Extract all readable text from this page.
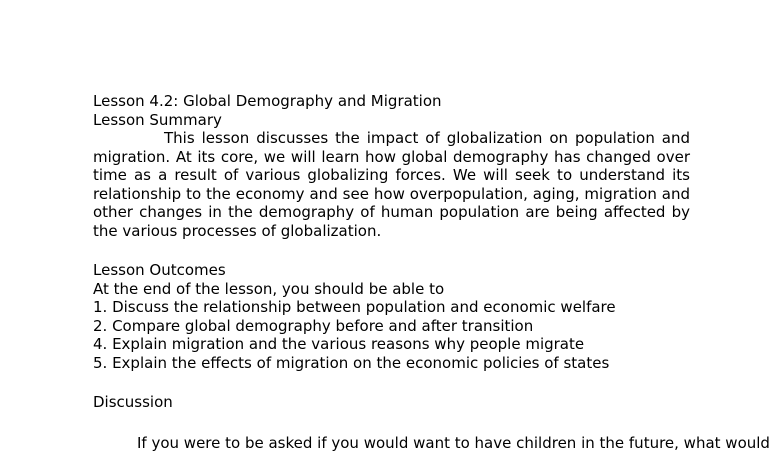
Lesson 4.2: Global Demography and Migration
Lesson Summary

This lesson discusses the impact of globalization on population and migration. At its core, we will learn how global demography has changed over time as a result of various globalizing forces. We will seek to understand its relationship to the economy and see how overpopulation, aging, migration and other changes in the demography of human population are being affected by the various processes of globalization.

Lesson Outcomes
At the end of the lesson, you should be able to
1. Discuss the relationship between population and economic welfare
2. Compare global demography before and after transition
4. Explain migration and the various reasons why people migrate
5. Explain the effects of migration on the economic policies of states
Discussion
If you were to be asked if you would want to have children in the future, what would
